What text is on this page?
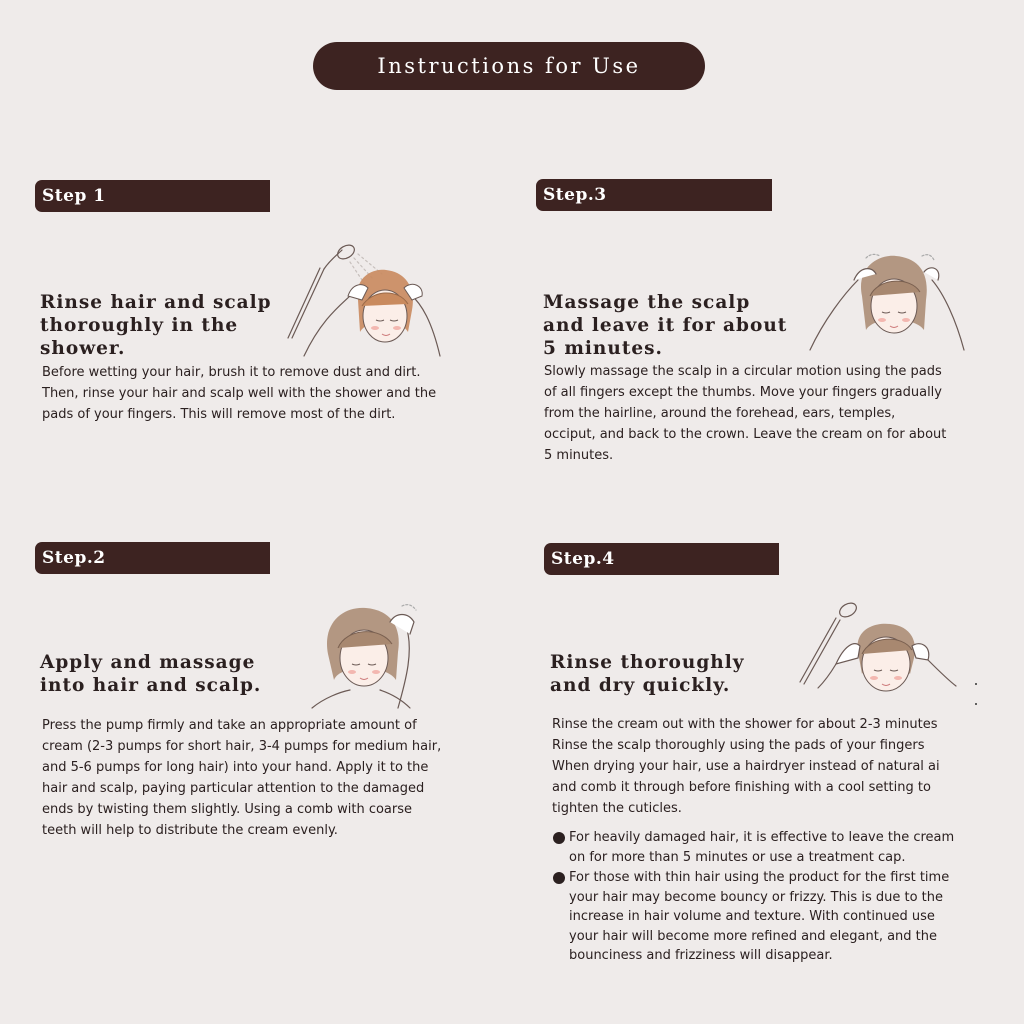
Instructions for Use
Step 1
Rinse hair and scalp
thoroughly in the
shower.
Before wetting your hair, brush it to remove dust and dirt.
Then, rinse your hair and scalp well with the shower and the
pads of your fingers. This will remove most of the dirt.
Step.2
Apply and massage
into hair and scalp.
Press the pump firmly and take an appropriate amount of
cream (2-3 pumps for short hair, 3-4 pumps for medium hair,
and 5-6 pumps for long hair) into your hand. Apply it to the
hair and scalp, paying particular attention to the damaged
ends by twisting them slightly. Using a comb with coarse
teeth will help to distribute the cream evenly.
Step.3
Massage the scalp
and leave it for about
5 minutes.
Slowly massage the scalp in a circular motion using the pads
of all fingers except the thumbs. Move your fingers gradually
from the hairline, around the forehead, ears, temples,
occiput, and back to the crown. Leave the cream on for about
5 minutes.
Step.4
Rinse thoroughly
and dry quickly.
Rinse the cream out with the shower for about 2-3 minutes
Rinse the scalp thoroughly using the pads of your fingers
When drying your hair, use a hairdryer instead of natural ai
and comb it through before finishing with a cool setting to
tighten the cuticles.
For heavily damaged hair, it is effective to leave the cream
on for more than 5 minutes or use a treatment cap.
For those with thin hair using the product for the first time
your hair may become bouncy or frizzy. This is due to the
increase in hair volume and texture. With continued use
your hair will become more refined and elegant, and the
bounciness and frizziness will disappear.
